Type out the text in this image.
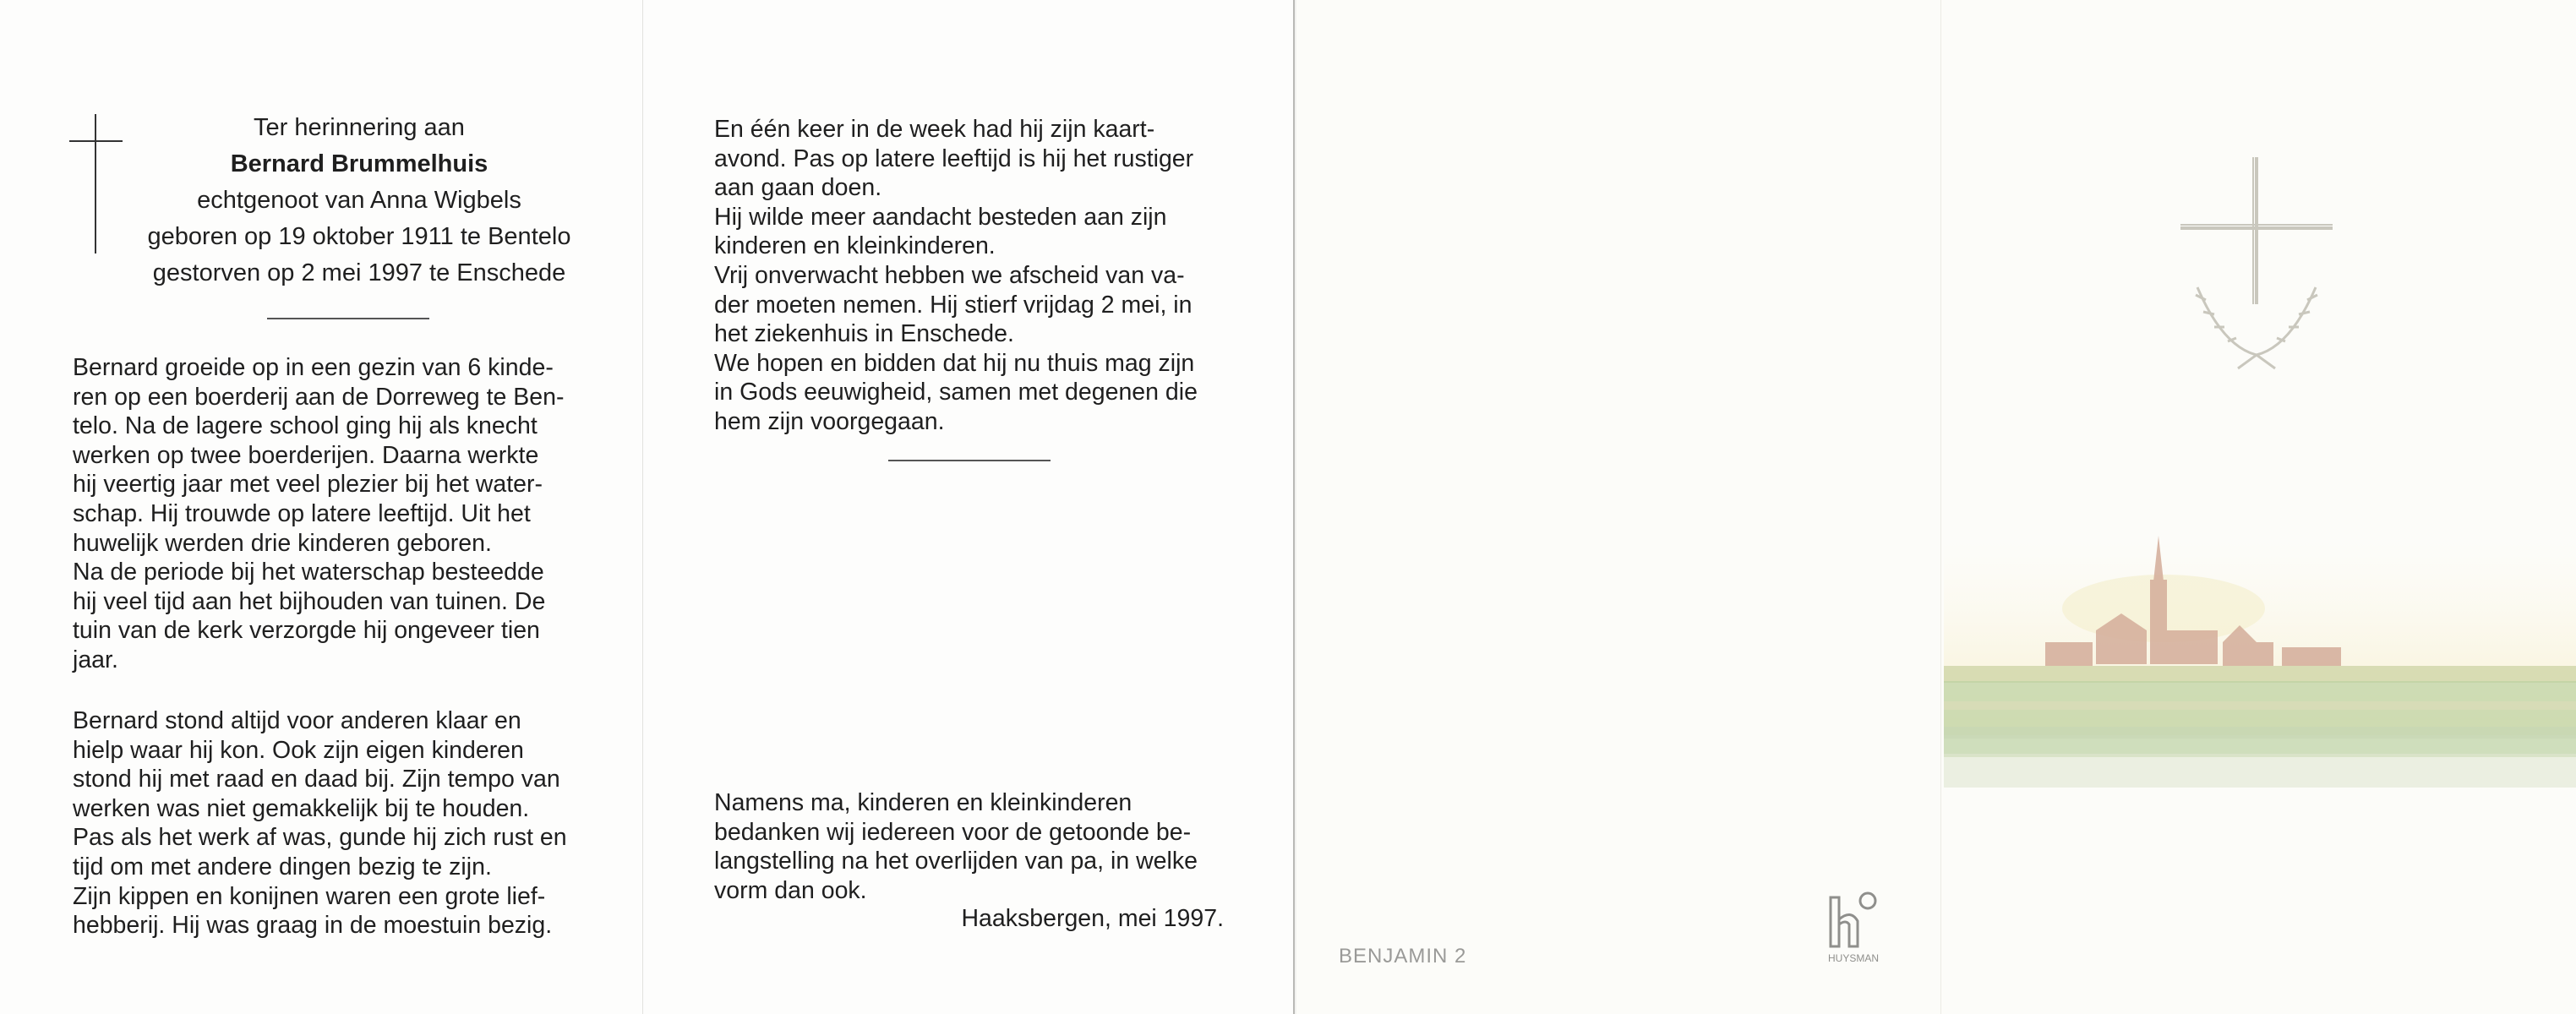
Ter herinnering aan
Bernard Brummelhuis
echtgenoot van Anna Wigbels
geboren op 19 oktober 1911 te Bentelo
gestorven op 2 mei 1997 te Enschede
Bernard groeide op in een gezin van 6 kinde-
ren op een boerderij aan de Dorreweg te Ben-
telo. Na de lagere school ging hij als knecht
werken op twee boerderijen. Daarna werkte
hij veertig jaar met veel plezier bij het water-
schap. Hij trouwde op latere leeftijd. Uit het
huwelijk werden drie kinderen geboren.
Na de periode bij het waterschap besteedde
hij veel tijd aan het bijhouden van tuinen. De
tuin van de kerk verzorgde hij ongeveer tien
jaar.
Bernard stond altijd voor anderen klaar en
hielp waar hij kon. Ook zijn eigen kinderen
stond hij met raad en daad bij. Zijn tempo van
werken was niet gemakkelijk bij te houden.
Pas als het werk af was, gunde hij zich rust en
tijd om met andere dingen bezig te zijn.
Zijn kippen en konijnen waren een grote lief-
hebberij. Hij was graag in de moestuin bezig.
En één keer in de week had hij zijn kaart-
avond. Pas op latere leeftijd is hij het rustiger
aan gaan doen.
Hij wilde meer aandacht besteden aan zijn
kinderen en kleinkinderen.
Vrij onverwacht hebben we afscheid van va-
der moeten nemen. Hij stierf vrijdag 2 mei, in
het ziekenhuis in Enschede.
We hopen en bidden dat hij nu thuis mag zijn
in Gods eeuwigheid, samen met degenen die
hem zijn voorgegaan.
Namens ma, kinderen en kleinkinderen
bedanken wij iedereen voor de getoonde be-
langstelling na het overlijden van pa, in welke
vorm dan ook.
Haaksbergen, mei 1997.
BENJAMIN 2	HUYSMAN
